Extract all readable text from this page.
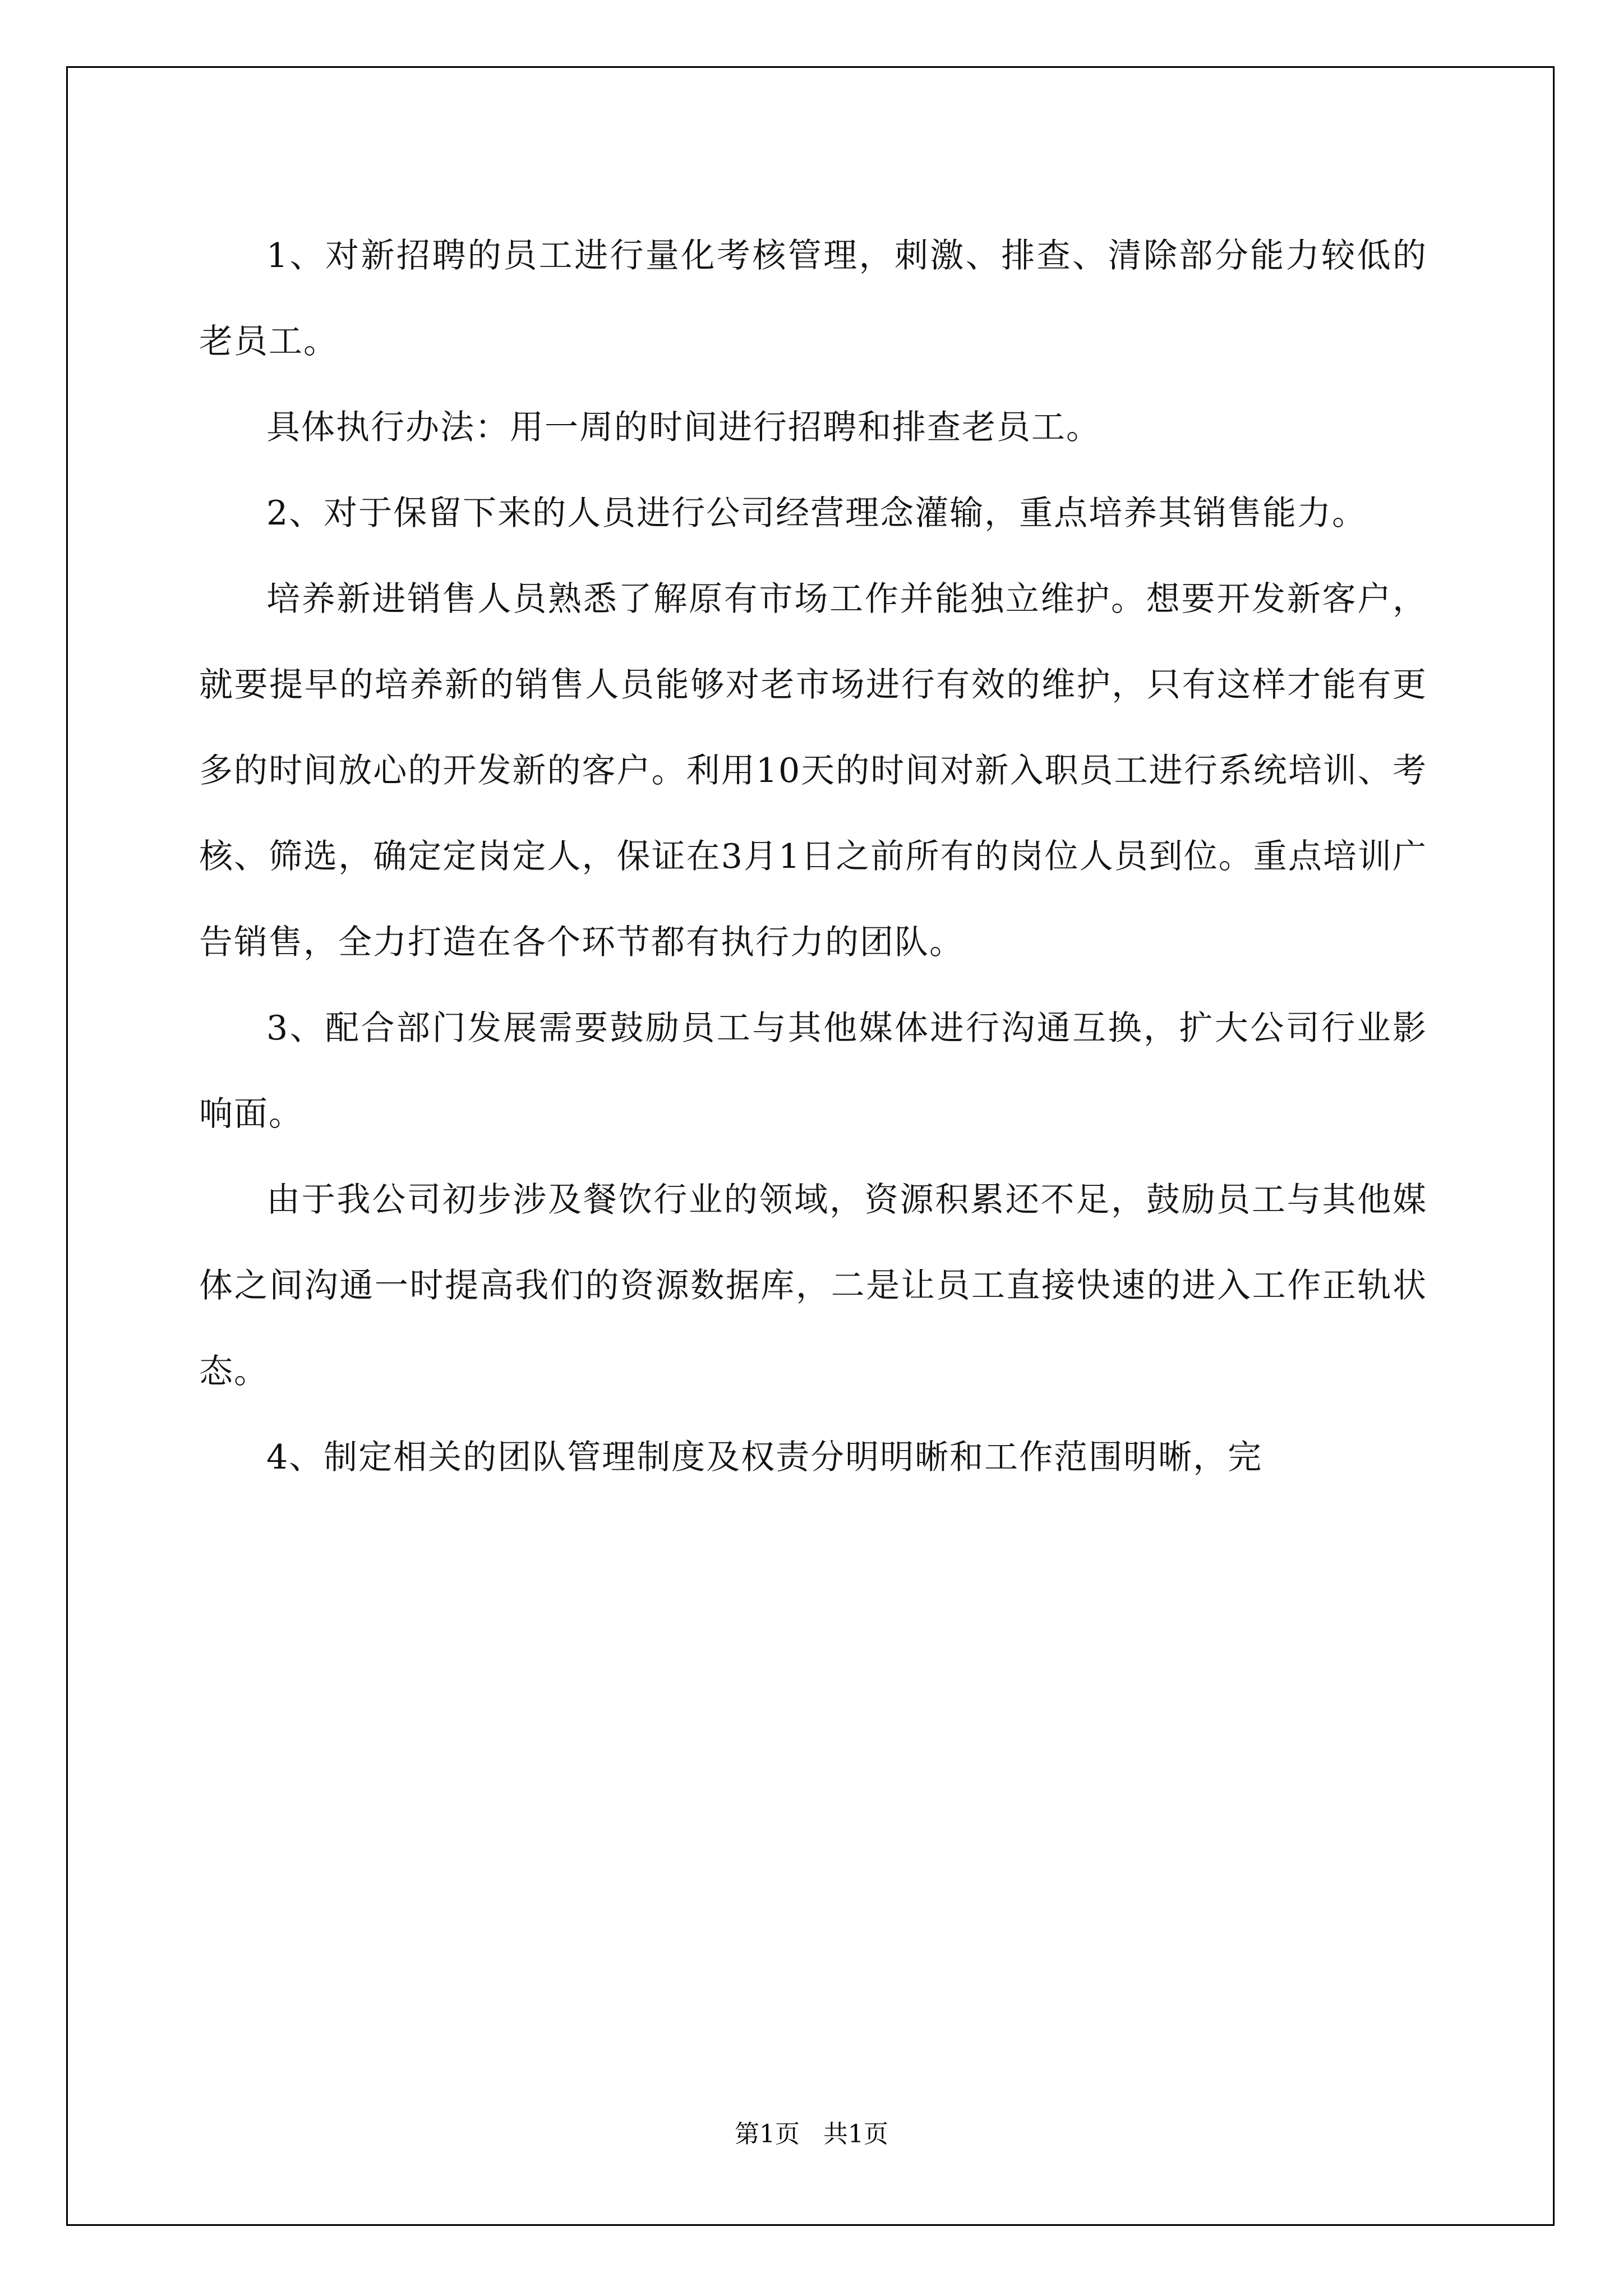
1、对新招聘的员工进行量化考核管理，刺激、排查、清除部分能力较低的老员工。

具体执行办法：用一周的时间进行招聘和排查老员工。

2、对于保留下来的人员进行公司经营理念灌输，重点培养其销售能力。

培养新进销售人员熟悉了解原有市场工作并能独立维护。想要开发新客户，就要提早的培养新的销售人员能够对老市场进行有效的维护，只有这样才能有更多的时间放心的开发新的客户。利用10天的时间对新入职员工进行系统培训、考核、筛选，确定定岗定人，保证在3月1日之前所有的岗位人员到位。重点培训广告销售，全力打造在各个环节都有执行力的团队。

3、配合部门发展需要鼓励员工与其他媒体进行沟通互换，扩大公司行业影响面。

由于我公司初步涉及餐饮行业的领域，资源积累还不足，鼓励员工与其他媒体之间沟通一时提高我们的资源数据库，二是让员工直接快速的进入工作正轨状态。

4、制定相关的团队管理制度及权责分明明晰和工作范围明晰，完

第1页   共1页
